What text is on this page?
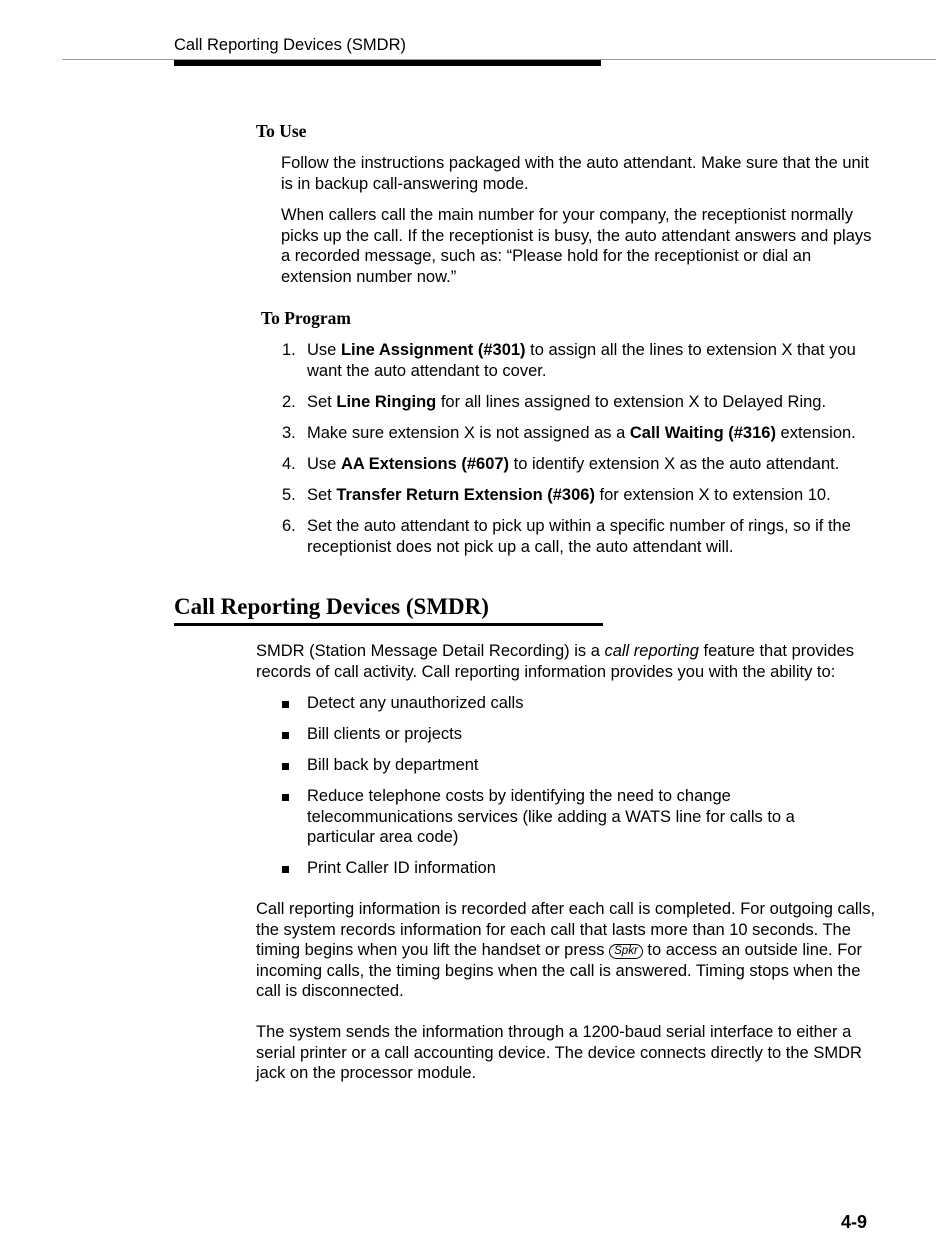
Call Reporting Devices (SMDR)
To Use
Follow the instructions packaged with the auto attendant. Make sure that the unit is in backup call-answering mode.
When callers call the main number for your company, the receptionist normally picks up the call. If the receptionist is busy, the auto attendant answers and plays a recorded message, such as: “Please hold for the receptionist or dial an extension number now.”
To Program
1. Use Line Assignment (#301) to assign all the lines to extension X that you want the auto attendant to cover.
2. Set Line Ringing for all lines assigned to extension X to Delayed Ring.
3. Make sure extension X is not assigned as a Call Waiting (#316) extension.
4. Use AA Extensions (#607) to identify extension X as the auto attendant.
5. Set Transfer Return Extension (#306) for extension X to extension 10.
6. Set the auto attendant to pick up within a specific number of rings, so if the receptionist does not pick up a call, the auto attendant will.
Call Reporting Devices (SMDR)
SMDR (Station Message Detail Recording) is a call reporting feature that provides records of call activity. Call reporting information provides you with the ability to:
Detect any unauthorized calls
Bill clients or projects
Bill back by department
Reduce telephone costs by identifying the need to change telecommunications services (like adding a WATS line for calls to a particular area code)
Print Caller ID information
Call reporting information is recorded after each call is completed. For outgoing calls, the system records information for each call that lasts more than 10 seconds. The timing begins when you lift the handset or press Spkr to access an outside line. For incoming calls, the timing begins when the call is answered. Timing stops when the call is disconnected.
The system sends the information through a 1200-baud serial interface to either a serial printer or a call accounting device. The device connects directly to the SMDR jack on the processor module.
4-9
